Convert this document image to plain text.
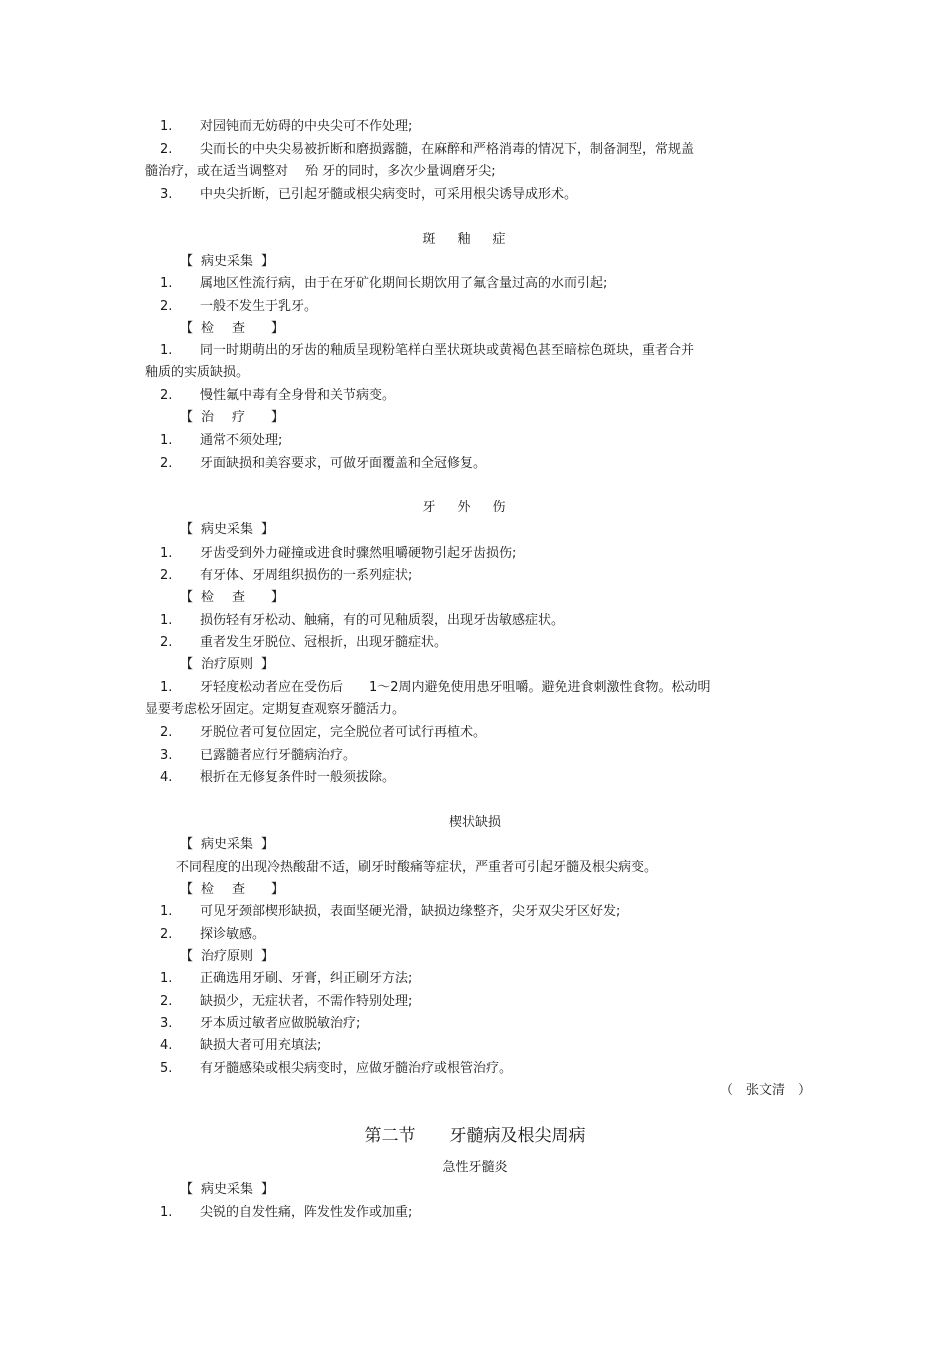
1. 对园钝而无妨碍的中央尖可不作处理;
2. 尖而长的中央尖易被折断和磨损露髓，在麻醉和严格消毒的情况下，制备洞型，常规盖
髓治疗，或在适当调整对　 殆 牙的同时，多次少量调磨牙尖;
3. 中央尖折断，已引起牙髓或根尖病变时，可采用根尖诱导成形术。
斑釉症
【 病史采集 】
1. 属地区性流行病，由于在牙矿化期间长期饮用了氟含量过高的水而引起;
2. 一般不发生于乳牙。
【 检查 】
1. 同一时期萌出的牙齿的釉质呈现粉笔样白垩状斑块或黄褐色甚至暗棕色斑块，重者合并
釉质的实质缺损。
2. 慢性氟中毒有全身骨和关节病变。
【 治疗 】
1. 通常不须处理;
2. 牙面缺损和美容要求，可做牙面覆盖和全冠修复。
牙外伤
【 病史采集 】
1. 牙齿受到外力碰撞或进食时骤然咀嚼硬物引起牙齿损伤;
2. 有牙体、牙周组织损伤的一系列症状;
【 检查 】
1. 损伤轻有牙松动、触痛，有的可见釉质裂，出现牙齿敏感症状。
2. 重者发生牙脱位、冠根折，出现牙髓症状。
【 治疗原则 】
1. 牙轻度松动者应在受伤后　　1～2周内避免使用患牙咀嚼。避免进食刺激性食物。松动明
显要考虑松牙固定。定期复查观察牙髓活力。
2. 牙脱位者可复位固定，完全脱位者可试行再植术。
3. 已露髓者应行牙髓病治疗。
4. 根折在无修复条件时一般须拔除。
楔状缺损
【 病史采集 】
不同程度的出现冷热酸甜不适，刷牙时酸痛等症状，严重者可引起牙髓及根尖病变。
【 检查 】
1. 可见牙颈部楔形缺损，表面坚硬光滑，缺损边缘整齐，尖牙双尖牙区好发;
2. 探诊敏感。
【 治疗原则 】
1. 正确选用牙刷、牙膏，纠正刷牙方法;
2. 缺损少，无症状者，不需作特别处理;
3. 牙本质过敏者应做脱敏治疗;
4. 缺损大者可用充填法;
5. 有牙髓感染或根尖病变时，应做牙髓治疗或根管治疗。
（　张文清　）
第二节　　牙髓病及根尖周病
急性牙髓炎
【 病史采集 】
1. 尖锐的自发性痛，阵发性发作或加重;
